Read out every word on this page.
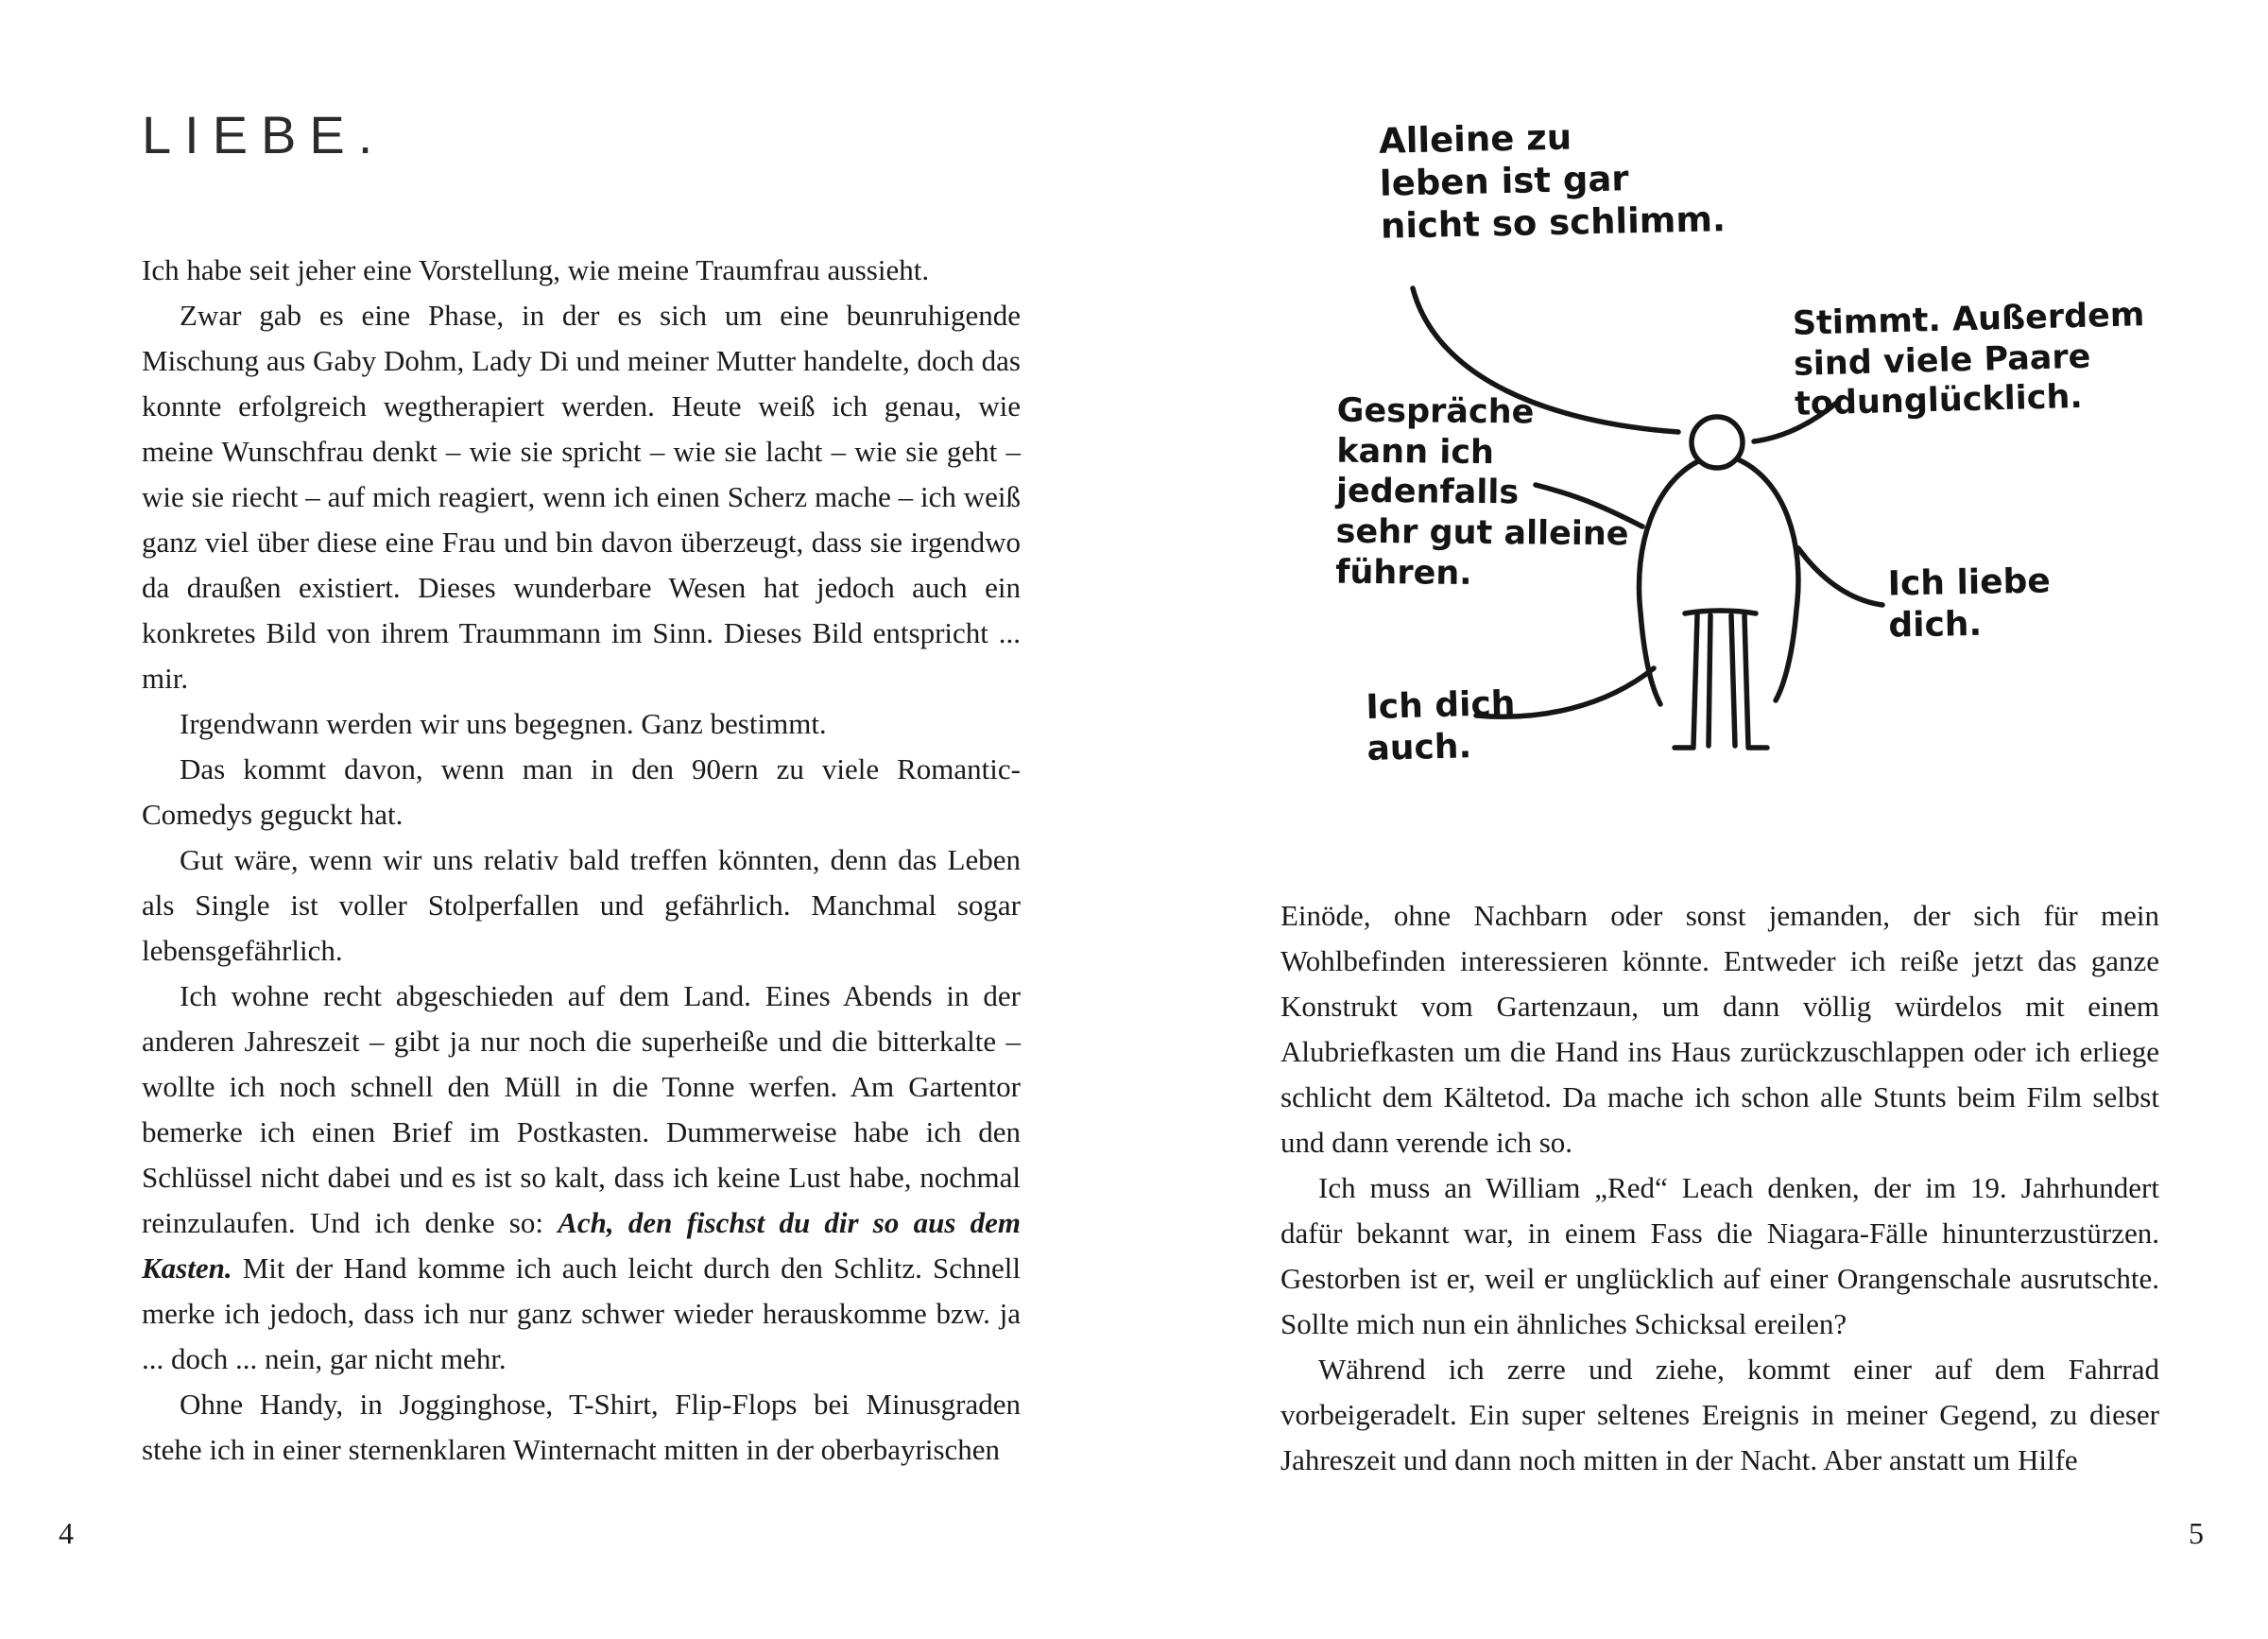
LIEBE.

Ich habe seit jeher eine Vorstellung, wie meine Traumfrau aussieht.

Zwar gab es eine Phase, in der es sich um eine beunruhigende Mischung aus Gaby Dohm, Lady Di und meiner Mutter handelte, doch das konnte erfolgreich wegtherapiert werden. Heute weiß ich genau, wie meine Wunschfrau denkt – wie sie spricht – wie sie lacht – wie sie geht – wie sie riecht – auf mich reagiert, wenn ich einen Scherz mache – ich weiß ganz viel über diese eine Frau und bin davon überzeugt, dass sie irgendwo da draußen existiert. Dieses wunderbare Wesen hat jedoch auch ein konkretes Bild von ihrem Traummann im Sinn. Dieses Bild entspricht ... mir.

Irgendwann werden wir uns begegnen. Ganz bestimmt.

Das kommt davon, wenn man in den 90ern zu viele Romantic-Comedys geguckt hat.

Gut wäre, wenn wir uns relativ bald treffen könnten, denn das Leben als Single ist voller Stolperfallen und gefährlich. Manchmal sogar lebensgefährlich.

Ich wohne recht abgeschieden auf dem Land. Eines Abends in der anderen Jahreszeit – gibt ja nur noch die superheiße und die bitterkalte – wollte ich noch schnell den Müll in die Tonne werfen. Am Gartentor bemerke ich einen Brief im Postkasten. Dummerweise habe ich den Schlüssel nicht dabei und es ist so kalt, dass ich keine Lust habe, nochmal reinzulaufen. Und ich denke so: Ach, den fischst du dir so aus dem Kasten. Mit der Hand komme ich auch leicht durch den Schlitz. Schnell merke ich jedoch, dass ich nur ganz schwer wieder herauskomme bzw. ja ... doch ... nein, gar nicht mehr.

Ohne Handy, in Jogginghose, T-Shirt, Flip-Flops bei Minusgraden stehe ich in einer sternenklaren Winternacht mitten in der oberbayrischen

4
Alleine zu
leben ist gar
nicht so schlimm.
Stimmt. Außerdem
sind viele Paare
todunglücklich.
Gespräche
kann ich
jedenfalls
sehr gut alleine
führen.	Ich liebe
dich.
Ich dich
auch.

Einöde, ohne Nachbarn oder sonst jemanden, der sich für mein Wohlbefinden interessieren könnte. Entweder ich reiße jetzt das ganze Konstrukt vom Gartenzaun, um dann völlig würdelos mit einem Alubriefkasten um die Hand ins Haus zurückzuschlappen oder ich erliege schlicht dem Kältetod. Da mache ich schon alle Stunts beim Film selbst und dann verende ich so.

Ich muss an William „Red“ Leach denken, der im 19. Jahrhundert dafür bekannt war, in einem Fass die Niagara-Fälle hinunterzustürzen. Gestorben ist er, weil er unglücklich auf einer Orangenschale ausrutschte. Sollte mich nun ein ähnliches Schicksal ereilen?

Während ich zerre und ziehe, kommt einer auf dem Fahrrad vorbeigeradelt. Ein super seltenes Ereignis in meiner Gegend, zu dieser Jahreszeit und dann noch mitten in der Nacht. Aber anstatt um Hilfe

5
